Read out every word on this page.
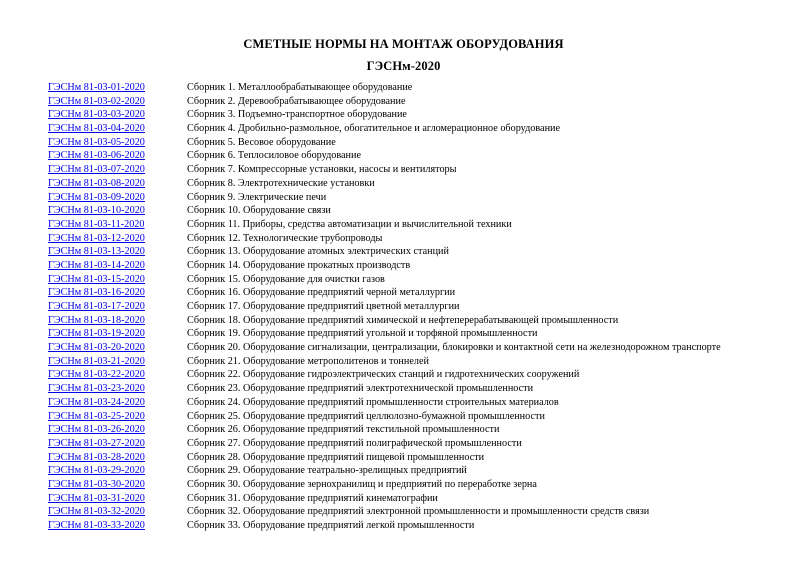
СМЕТНЫЕ НОРМЫ НА МОНТАЖ ОБОРУДОВАНИЯ
ГЭСНм-2020
ГЭСНм 81-03-01-2020	Сборник 1. Металлообрабатывающее оборудование
ГЭСНм 81-03-02-2020	Сборник 2. Деревообрабатывающее оборудование
ГЭСНм 81-03-03-2020	Сборник 3. Подъемно-транспортное оборудование
ГЭСНм 81-03-04-2020	Сборник 4. Дробильно-размольное, обогатительное и агломерационное оборудование
ГЭСНм 81-03-05-2020	Сборник 5. Весовое оборудование
ГЭСНм 81-03-06-2020	Сборник 6. Теплосиловое оборудование
ГЭСНм 81-03-07-2020	Сборник 7. Компрессорные установки, насосы и вентиляторы
ГЭСНм 81-03-08-2020	Сборник 8. Электротехнические установки
ГЭСНм 81-03-09-2020	Сборник 9. Электрические печи
ГЭСНм 81-03-10-2020	Сборник 10. Оборудование связи
ГЭСНм 81-03-11-2020	Сборник 11. Приборы, средства автоматизации и вычислительной техники
ГЭСНм 81-03-12-2020	Сборник 12. Технологические трубопроводы
ГЭСНм 81-03-13-2020	Сборник 13. Оборудование атомных электрических станций
ГЭСНм 81-03-14-2020	Сборник 14. Оборудование прокатных производств
ГЭСНм 81-03-15-2020	Сборник 15. Оборудование для очистки газов
ГЭСНм 81-03-16-2020	Сборник 16. Оборудование предприятий черной металлургии
ГЭСНм 81-03-17-2020	Сборник 17. Оборудование предприятий цветной металлургии
ГЭСНм 81-03-18-2020	Сборник 18. Оборудование предприятий химической и нефтеперерабатывающей промышленности
ГЭСНм 81-03-19-2020	Сборник 19. Оборудование предприятий угольной и торфяной промышленности
ГЭСНм 81-03-20-2020	Сборник 20. Оборудование сигнализации, централизации, блокировки и контактной сети на железнодорожном транспорте
ГЭСНм 81-03-21-2020	Сборник 21. Оборудование метрополитенов и тоннелей
ГЭСНм 81-03-22-2020	Сборник 22. Оборудование гидроэлектрических станций и гидротехнических сооружений
ГЭСНм 81-03-23-2020	Сборник 23. Оборудование предприятий электротехнической промышленности
ГЭСНм 81-03-24-2020	Сборник 24. Оборудование предприятий промышленности строительных материалов
ГЭСНм 81-03-25-2020	Сборник 25. Оборудование предприятий целлюлозно-бумажной промышленности
ГЭСНм 81-03-26-2020	Сборник 26. Оборудование предприятий текстильной промышленности
ГЭСНм 81-03-27-2020	Сборник 27. Оборудование предприятий полиграфической промышленности
ГЭСНм 81-03-28-2020	Сборник 28. Оборудование предприятий пищевой промышленности
ГЭСНм 81-03-29-2020	Сборник 29. Оборудование театрально-зрелищных предприятий
ГЭСНм 81-03-30-2020	Сборник 30. Оборудование зернохранилищ и предприятий по переработке зерна
ГЭСНм 81-03-31-2020	Сборник 31. Оборудование предприятий кинематографии
ГЭСНм 81-03-32-2020	Сборник 32. Оборудование предприятий электронной промышленности и промышленности средств связи
ГЭСНм 81-03-33-2020	Сборник 33. Оборудование предприятий легкой промышленности
